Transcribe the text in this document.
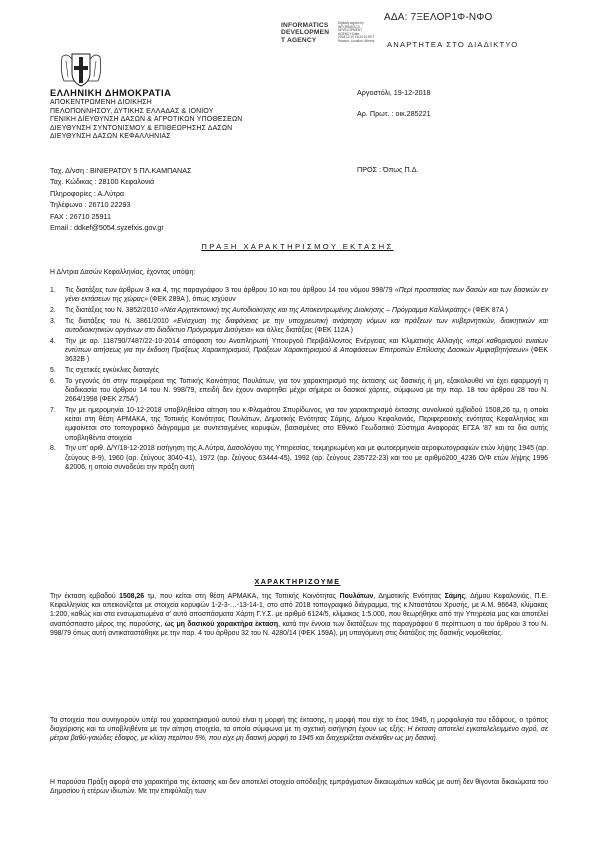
ΑΔΑ: 7ΞΕΛΟΡ1Φ-ΝΦΟ
INFORMATICS
DEVELOPMEN
T AGENCY
Digitally signed by INFORMATICS DEVELOPMENT AGENCY Date: 2018.12.19 15:34:10 EET Reason: Location: Athens ΑΝΑΡΤΗΤΕΑ ΣΤΟ ΔΙΑΔΙΚΤΥΟ
ΕΛΛΗΝΙΚΗ ΔΗΜΟΚΡΑΤΙΑ
ΑΠΟΚΕΝΤΡΩΜΕΝΗ ΔΙΟΙΚΗΣΗ
ΠΕΛΟΠΟΝΝΗΣΟΥ, ΔΥΤΙΚΗΣ ΕΛΛΑΔΑΣ & ΙΟΝΙΟΥ
ΓΕΝΙΚΗ ΔΙΕΥΘΥΝΣΗ ΔΑΣΩΝ & ΑΓΡΟΤΙΚΩΝ ΥΠΟΘΕΣΕΩΝ
ΔΙΕΥΘΥΝΣΗ ΣΥΝΤΟΝΙΣΜΟΥ & ΕΠΙΘΕΩΡΗΣΗΣ ΔΑΣΩΝ
ΔΙΕΥΘΥΝΣΗ ΔΑΣΩΝ ΚΕΦΑΛΛΗΝΙΑΣ
Αργοστόλι, 19-12-2018
Αρ. Πρωτ. : οικ.285221
Ταχ. Δ/νση : ΒΙΝΙΕΡΑΤΟΥ 5 ΠΛ.ΚΑΜΠΑΝΑΣ
Ταχ. Κώδικας : 28100 Κεφαλονιά
Πληροφορίες : Α.Λύτρα
Τηλέφωνο : 26710 22293
FAX : 26710 25911
Email : ddkef@5054.syzefxis.gov.gr
ΠΡΟΣ : Όπως Π.Δ.
ΠΡΑΞΗ ΧΑΡΑΚΤΗΡΙΣΜΟΥ ΕΚΤΑΣΗΣ
Η Δ/ντρια Δασών Κεφαλληνίας, έχοντας υπόψη:
1. Τις διατάξεις των άρθρων 3 και 4, της παραγράφου 3 του άρθρου 10 και του άρθρου 14 του νόμου 998/79 «Περί προστασίας των δασών και των δασικών εν γένει εκτάσεων της χώρας» (ΦΕΚ 289Α ), όπως ισχύουν
2. Τις διατάξεις του Ν. 3852/2010 «Νέα Αρχιτεκτονική της Αυτοδιοίκησης και της Αποκεντρωμένης Διοίκησης – Πρόγραμμα Καλλικράτης» (ΦΕΚ 87Α )
3. Τις διατάξεις του Ν. 3861/2010 «Ενίσχυση της διαφάνειας με την υποχρεωτική ανάρτηση νόμων και πράξεων των κυβερνητικών, διοικητικών και αυτοδιοικητικών οργάνων στο διαδίκτυο Πρόγραμμα Διαύγεια» και άλλες διατάξεις (ΦΕΚ 112Α )
4. Την με αρ. 118790/7487/22-10-2014 απόφαση του Αναπληρωτή Υπουργού Περιβάλλοντος Ενέργειας και Κλιματικής Αλλαγής «περί καθορισμού ενιαίων εντύπων αιτήσεως για την έκδοση Πράξεως Χαρακτηρισμού, Πράξεων Χαρακτηρισμού & Αποφάσεων Επιτροπών Επίλυσης Δασικών Αμφισβητήσεων» (ΦΕΚ 3632Β )
5. Τις σχετικές εγκύκλιες διαταγές
6. Το γεγονός ότι στην περιφέρεια της Τοπικής Κοινότητας Πουλάτων, για τον χαρακτηρισμό της έκτασης ως δασικής ή μη, εξακολουθεί να έχει εφαρμογή η διαδικασία του άρθρου 14 του Ν. 998/79, επειδή δεν έχουν αναρτηθεί μέχρι σήμερα οι δασικοί χάρτες, σύμφωνα με την παρ. 18 του άρθρου 28 του Ν. 2664/1998 (ΦΕΚ 275Α')
7. Την με ημερομηνία 10-12-2018 υποβληθείσα αίτηση του κ.Φλαμιάτου Σπυρίδωνος, για τον χαρακτηρισμό έκτασης συνολικού εμβαδού 1508,26 τμ, η οποία κείται στη θέση ΑΡΜΑΚΑ, της Τοπικής Κοινότητας Πουλάτων, Δημοτικής Ενότητας Σάμης, Δήμου Κεφαλονιάς, Περιφερειακής ενότητας Κεφαλληνίας και εμφαίνεται στο τοπογραφικό διάγραμμα με συντεταγμένες κορυφών, βασισμένες στο Εθνικό Γεωδαιτικό Σύστημα Αναφοράς ΕΓΣΑ '87 και τα δια αυτής υποβληθέντα στοιχεία
8. Την υπ' αριθ. Δ/Υ/18-12-2018 εισήγηση της Α.Λύτρα, Δασολόγου της Υπηρεσίας, τεκμηριωμένη και με φωτοερμηνεία αεροφωτογραφιών ετών λήψης 1945 (αρ. ζεύγους 8-9), 1960 (αρ. ζεύγους 3040-41), 1972 (αρ. ζεύγους 63444-45), 1992 (αρ. ζεύγους 235722-23) και του με αριθμό200_4236 Ο/Φ ετών λήψης 1996 &2006, η οποία συνοδεύει την πράξη αυτή
ΧΑΡΑΚΤΗΡΙΖΟΥΜΕ
Την έκταση εμβαδού 1508,26 τμ, που κείται στη θέση ΑΡΜΑΚΑ, της Τοπικής Κοινότητας Πουλάτων, Δημοτικής Ενότητας Σάμης, Δήμου Κεφαλονιάς, Π.Ε. Κεφαλληνίας και απεικονίζεται με στοιχεία κορυφών 1-2-3-…-13-14-1, στο από 2018 τοπογραφικό διάγραμμα, της κ.Νταστάτου Χρυσής, με Α.Μ. 96643, κλίμακας 1:200, καθώς και στα ενσωματωμένα σ' αυτό αποσπάσματα Χάρτη Γ.Υ.Σ. με αριθμό 6124/5, κλίμακας 1:5.000, που θεωρήθηκε από την Υπηρεσία μας και αποτελεί αναπόσπαστο μέρος της παρούσης, ως μη δασικού χαρακτήρα έκταση, κατά την έννοια των διατάξεων της παραγράφου 6 περίπτωση α του άρθρου 3 του Ν. 998/79 όπως αυτή αντικαταστάθηκε με την παρ. 4 του άρθρου 32 του Ν. 4280/14 (ΦΕΚ 159Α), μη υπαγόμενη στις διατάξεις της δασικής νομοθεσίας.
Τα στοιχεία που συνηγορούν υπέρ του χαρακτηρισμού αυτού είναι η μορφή της έκτασης, η μορφή που είχε το έτος 1945, η μορφολογία του εδάφους, ο τρόπος διαχείρισης και τα υποβληθέντα με την αίτηση στοιχεία, τα οποία σύμφωνα με τη σχετική εισήγηση έχουν ως εξής: Η έκταση αποτελεί εγκαταλελειμμένο αγρό, σε μέτρια βαθύ-γαιώδες έδαφος, με κλίση περίπου 5%, που είχε μη δασική μορφή το 1945 και διαχειρίζεται ανέκαθεν ως μη δασική.
Η παρούσα Πράξη αφορά στο χαρακτήρα της έκτασης και δεν αποτελεί στοιχείο απόδειξης εμπράγματων δικαιωμάτων καθώς με αυτή δεν θίγονται δικαιώματα του Δημοσίου ή ετέρων ιδιωτών. Με την επιφύλαξη των
